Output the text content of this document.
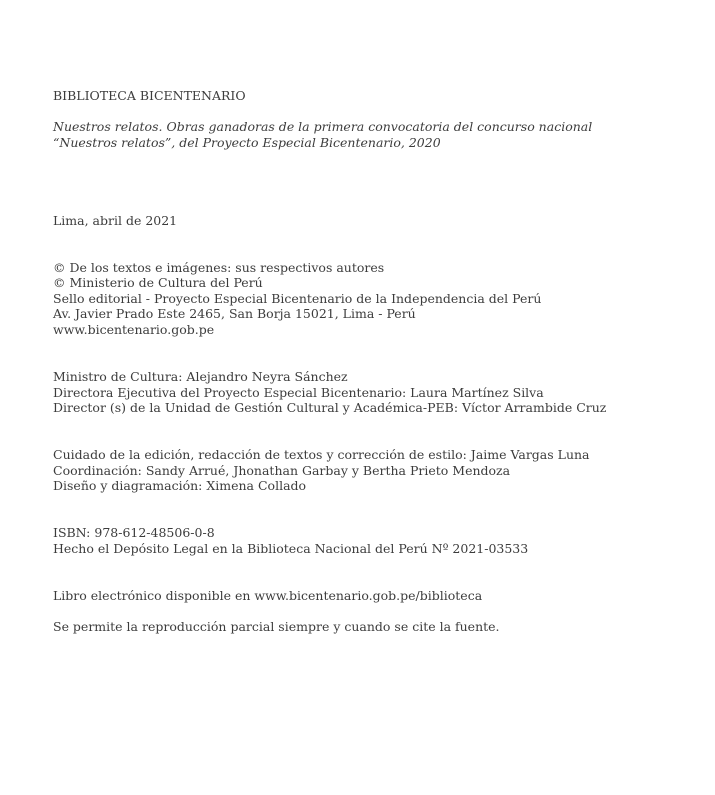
BIBLIOTECA BICENTENARIO
Nuestros relatos. Obras ganadoras de la primera convocatoria del concurso nacional
“Nuestros relatos”, del Proyecto Especial Bicentenario, 2020
Lima, abril de 2021
© De los textos e imágenes: sus respectivos autores
© Ministerio de Cultura del Perú
Sello editorial - Proyecto Especial Bicentenario de la Independencia del Perú
Av. Javier Prado Este 2465, San Borja 15021, Lima - Perú
www.bicentenario.gob.pe
Ministro de Cultura: Alejandro Neyra Sánchez
Directora Ejecutiva del Proyecto Especial Bicentenario: Laura Martínez Silva
Director (s) de la Unidad de Gestión Cultural y Académica-PEB: Víctor Arrambide Cruz
Cuidado de la edición, redacción de textos y corrección de estilo: Jaime Vargas Luna
Coordinación: Sandy Arrué, Jhonathan Garbay y Bertha Prieto Mendoza
Diseño y diagramación: Ximena Collado
ISBN: 978-612-48506-0-8
Hecho el Depósito Legal en la Biblioteca Nacional del Perú Nº 2021-03533
Libro electrónico disponible en www.bicentenario.gob.pe/biblioteca
Se permite la reproducción parcial siempre y cuando se cite la fuente.
